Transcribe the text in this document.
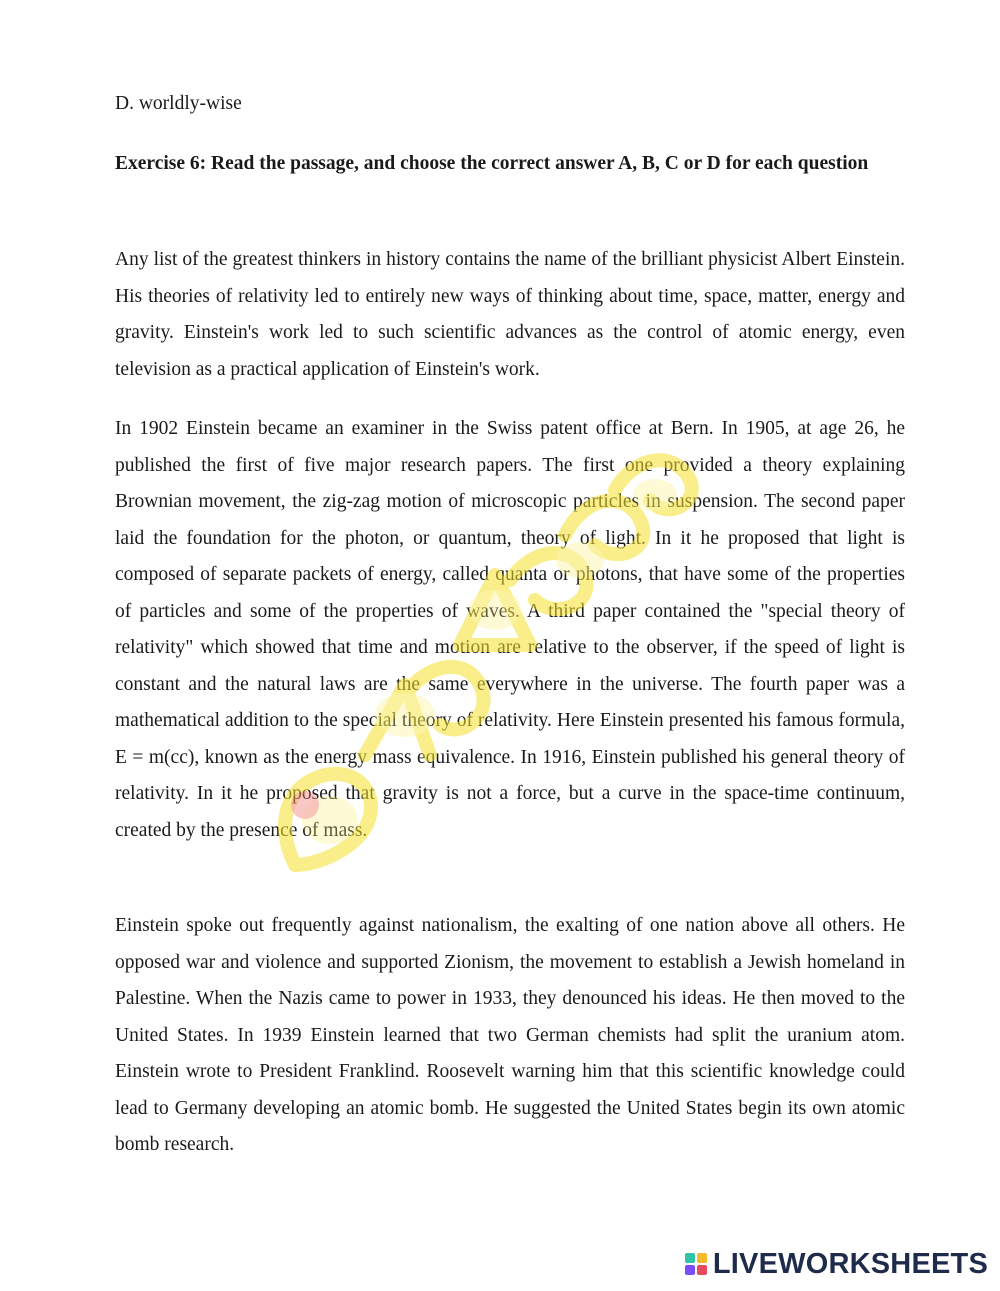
D. worldly-wise

Exercise 6: Read the passage, and choose the correct answer A, B, C or D for each question

Any list of the greatest thinkers in history contains the name of the brilliant physicist Albert Einstein. His theories of relativity led to entirely new ways of thinking about time, space, matter, energy and gravity. Einstein's work led to such scientific advances as the control of atomic energy, even television as a practical application of Einstein's work.

In 1902 Einstein became an examiner in the Swiss patent office at Bern. In 1905, at age 26, he published the first of five major research papers. The first one provided a theory explaining Brownian movement, the zig-zag motion of microscopic particles in suspension. The second paper laid the foundation for the photon, or quantum, theory of light. In it he proposed that light is composed of separate packets of energy, called quanta or photons, that have some of the properties of particles and some of the properties of waves. A third paper contained the "special theory of relativity" which showed that time and motion are relative to the observer, if the speed of light is constant and the natural laws are the same everywhere in the universe. The fourth paper was a mathematical addition to the special theory of relativity. Here Einstein presented his famous formula, E = m(cc), known as the energy mass equivalence. In 1916, Einstein published his general theory of relativity. In it he proposed that gravity is not a force, but a curve in the space-time continuum, created by the presence of mass.

Einstein spoke out frequently against nationalism, the exalting of one nation above all others. He opposed war and violence and supported Zionism, the movement to establish a Jewish homeland in Palestine. When the Nazis came to power in 1933, they denounced his ideas. He then moved to the United States. In 1939 Einstein learned that two German chemists had split the uranium atom. Einstein wrote to President Franklind. Roosevelt warning him that this scientific knowledge could lead to Germany developing an atomic bomb. He suggested the United States begin its own atomic bomb research.

LIVEWORKSHEETS
